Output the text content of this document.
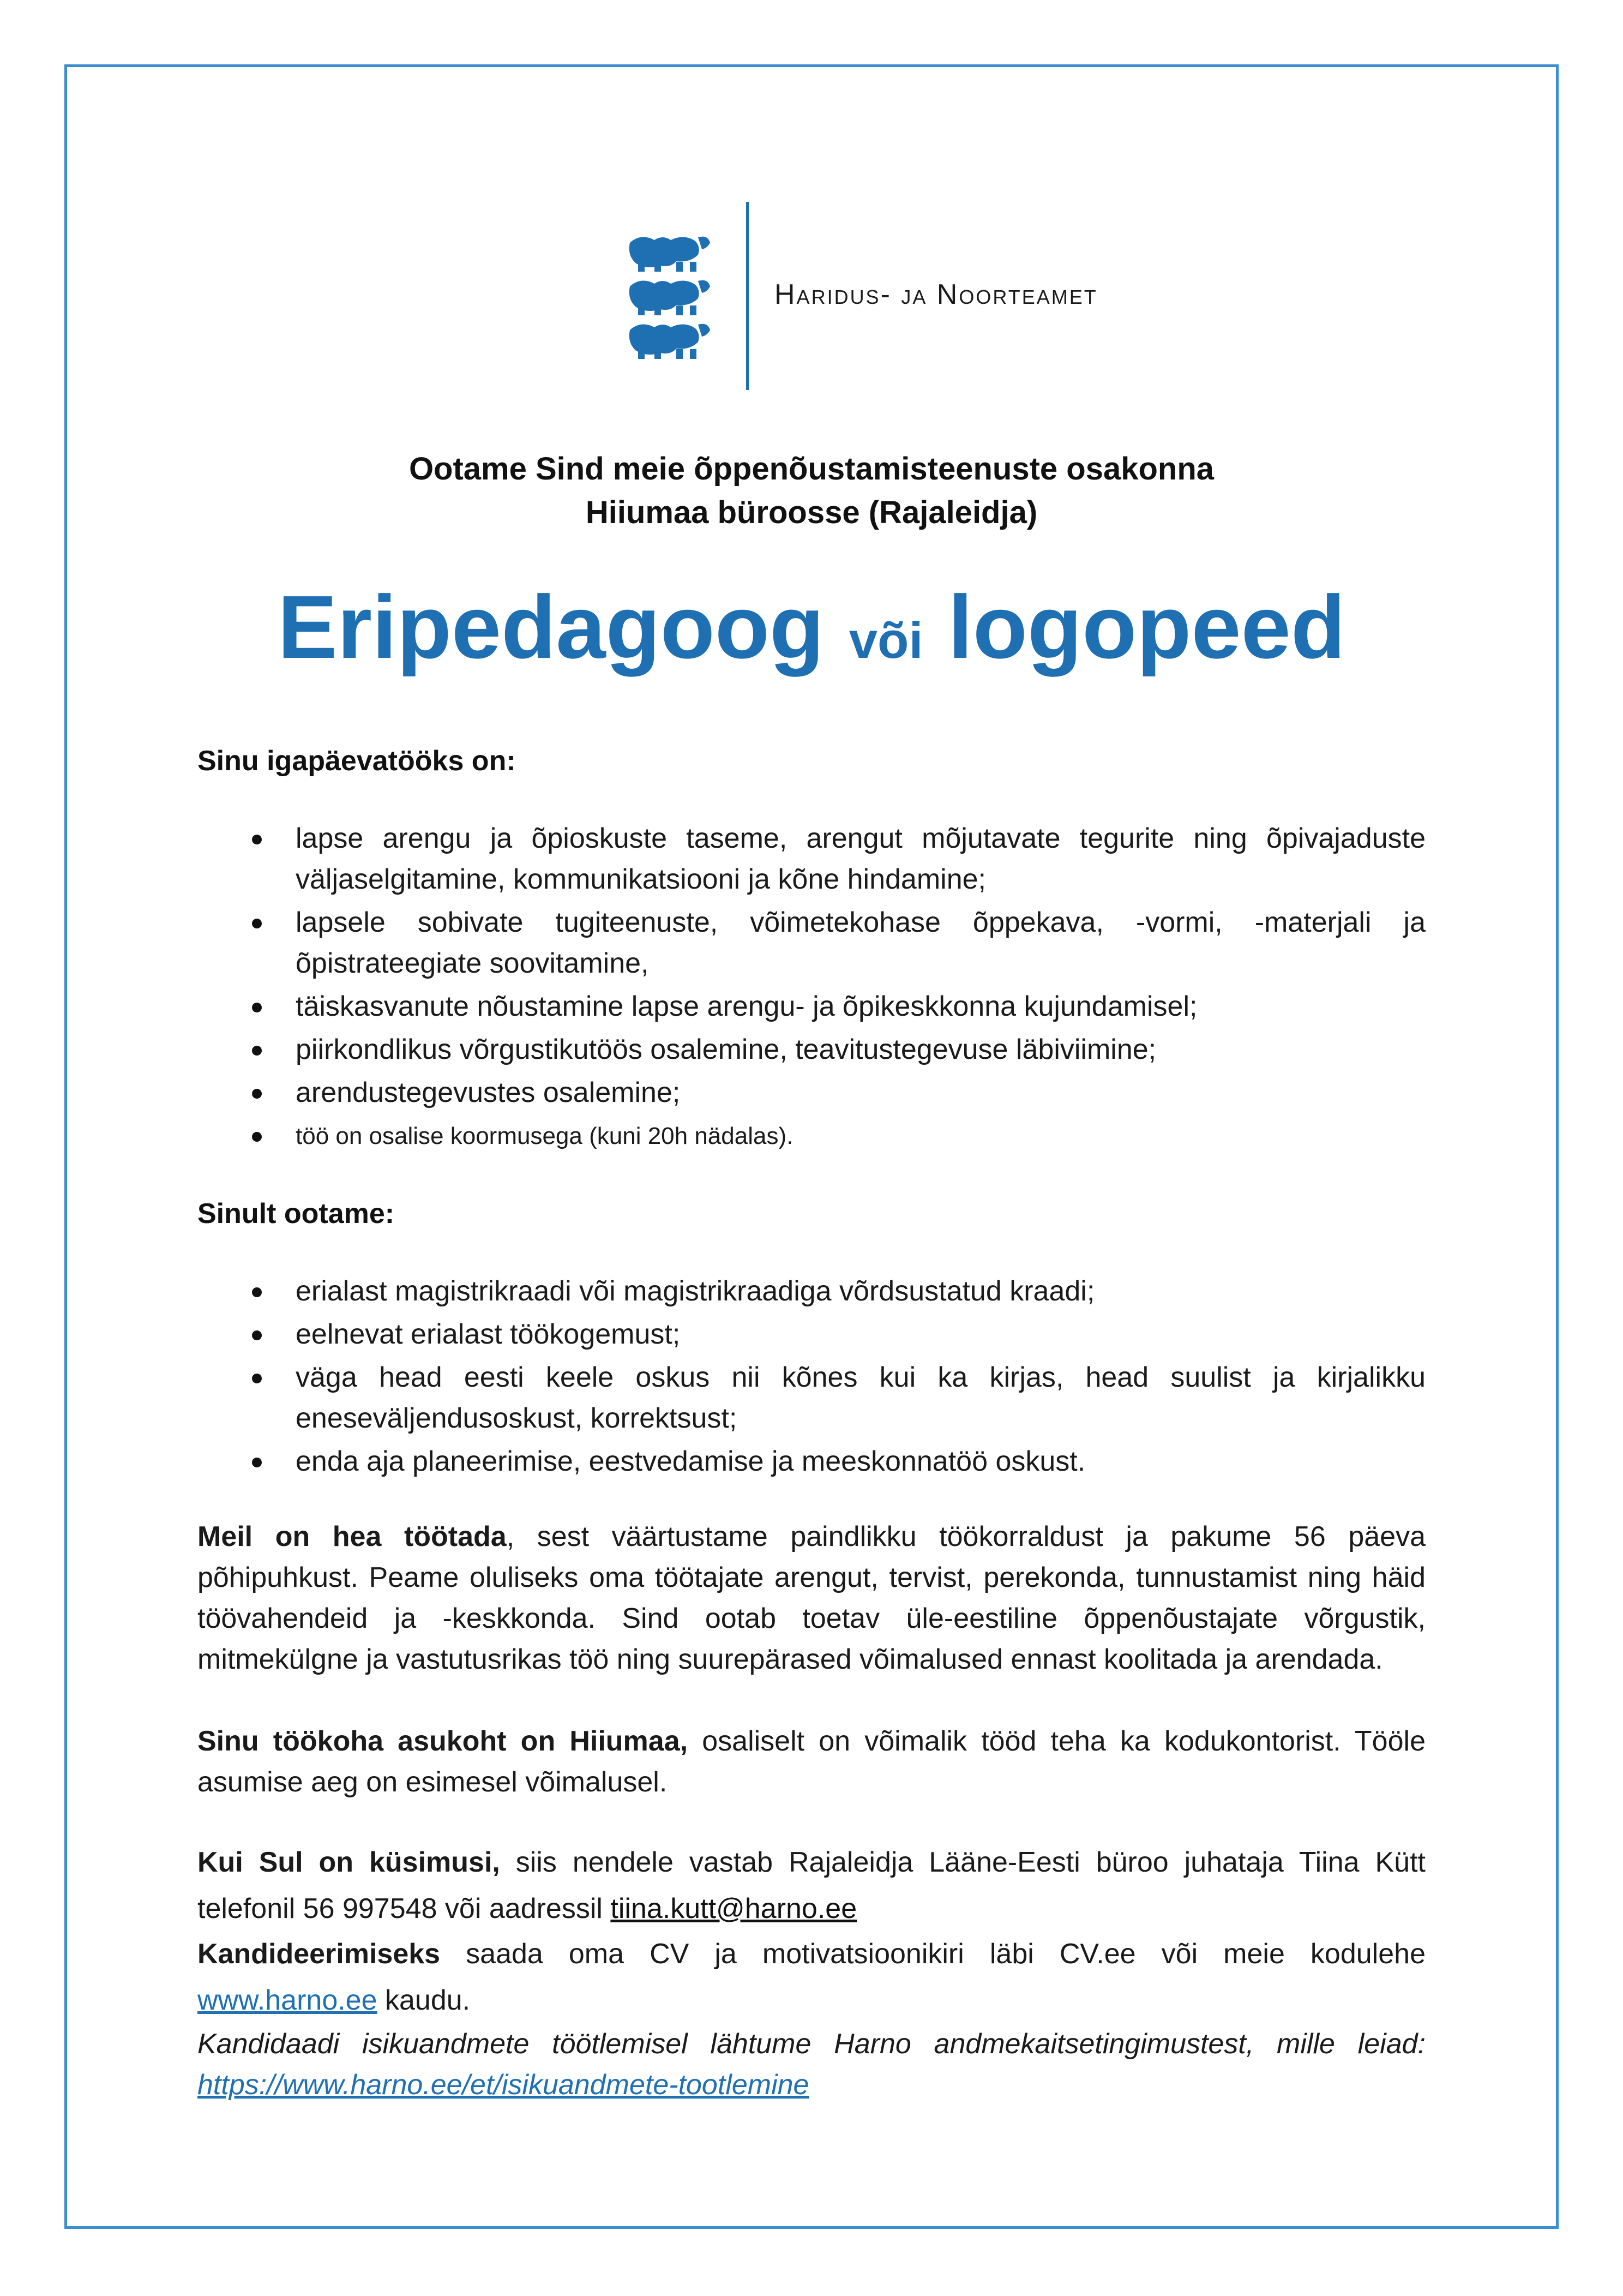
Haridus- ja Noorteamet
Ootame Sind meie õppenõustamisteenuste osakonna
Hiiumaa büroosse (Rajaleidja)
Eripedagoog või logopeed
Sinu igapäevatööks on:
lapse arengu ja õpioskuste taseme, arengut mõjutavate tegurite ning õpivajaduste väljaselgitamine, kommunikatsiooni ja kõne hindamine;
lapsele sobivate tugiteenuste, võimetekohase õppekava, -vormi, -materjali ja õpistrateegiate soovitamine,
täiskasvanute nõustamine lapse arengu- ja õpikeskkonna kujundamisel;
piirkondlikus võrgustikutöös osalemine, teavitustegevuse läbiviimine;
arendustegevustes osalemine;
töö on osalise koormusega (kuni 20h nädalas).
Sinult ootame:
erialast magistrikraadi või magistrikraadiga võrdsustatud kraadi;
eelnevat erialast töökogemust;
väga head eesti keele oskus nii kõnes kui ka kirjas, head suulist ja kirjalikku eneseväljendusoskust, korrektsust;
enda aja planeerimise, eestvedamise ja meeskonnatöö oskust.

Meil on hea töötada, sest väärtustame paindlikku töökorraldust ja pakume 56 päeva põhipuhkust. Peame oluliseks oma töötajate arengut, tervist, perekonda, tunnustamist ning häid töövahendeid ja -keskkonda. Sind ootab toetav üle-eestiline õppenõustajate võrgustik, mitmekülgne ja vastutusrikas töö ning suurepärased võimalused ennast koolitada ja arendada.

Sinu töökoha asukoht on Hiiumaa, osaliselt on võimalik tööd teha ka kodukontorist. Tööle asumise aeg on esimesel võimalusel.

Kui Sul on küsimusi, siis nendele vastab Rajaleidja Lääne-Eesti büroo juhataja Tiina Kütt telefonil 56 997548 või aadressil tiina.kutt@harno.ee

Kandideerimiseks saada oma CV ja motivatsioonikiri läbi CV.ee või meie kodulehe www.harno.ee kaudu.

Kandidaadi isikuandmete töötlemisel lähtume Harno andmekaitsetingimustest, mille leiad: https://www.harno.ee/et/isikuandmete-tootlemine
